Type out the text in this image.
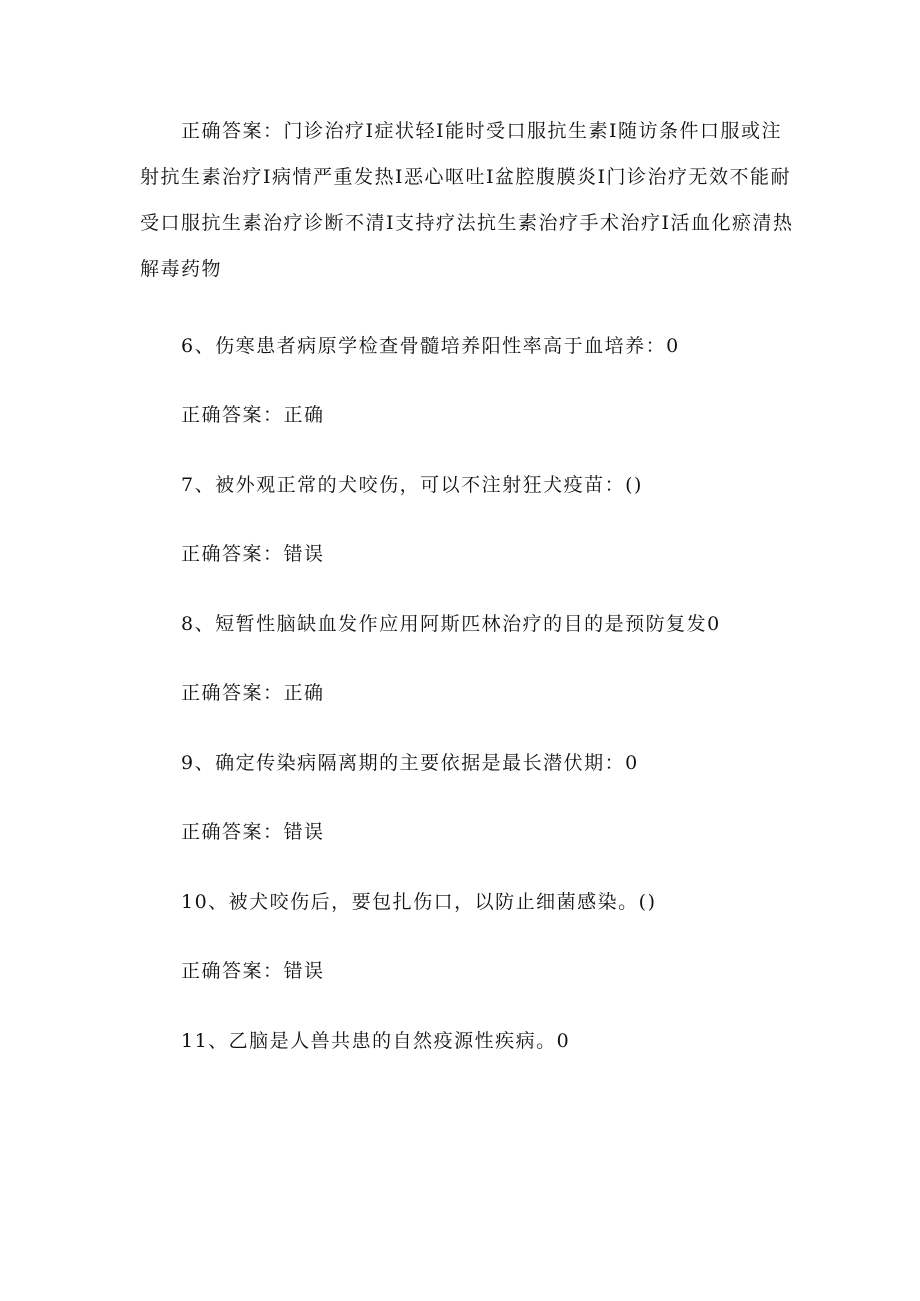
正确答案：门诊治疗I症状轻I能时受口服抗生素I随访条件口服或注射抗生素治疗I病情严重发热I恶心呕吐I盆腔腹膜炎I门诊治疗无效不能耐受口服抗生素治疗诊断不清I支持疗法抗生素治疗手术治疗I活血化瘀清热解毒药物

6、伤寒患者病原学检查骨髓培养阳性率高于血培养：0

正确答案：正确

7、被外观正常的犬咬伤，可以不注射狂犬疫苗：()

正确答案：错误

8、短暂性脑缺血发作应用阿斯匹林治疗的目的是预防复发0

正确答案：正确

9、确定传染病隔离期的主要依据是最长潜伏期：0

正确答案：错误

10、被犬咬伤后，要包扎伤口，以防止细菌感染。()

正确答案：错误

11、乙脑是人兽共患的自然疫源性疾病。0
